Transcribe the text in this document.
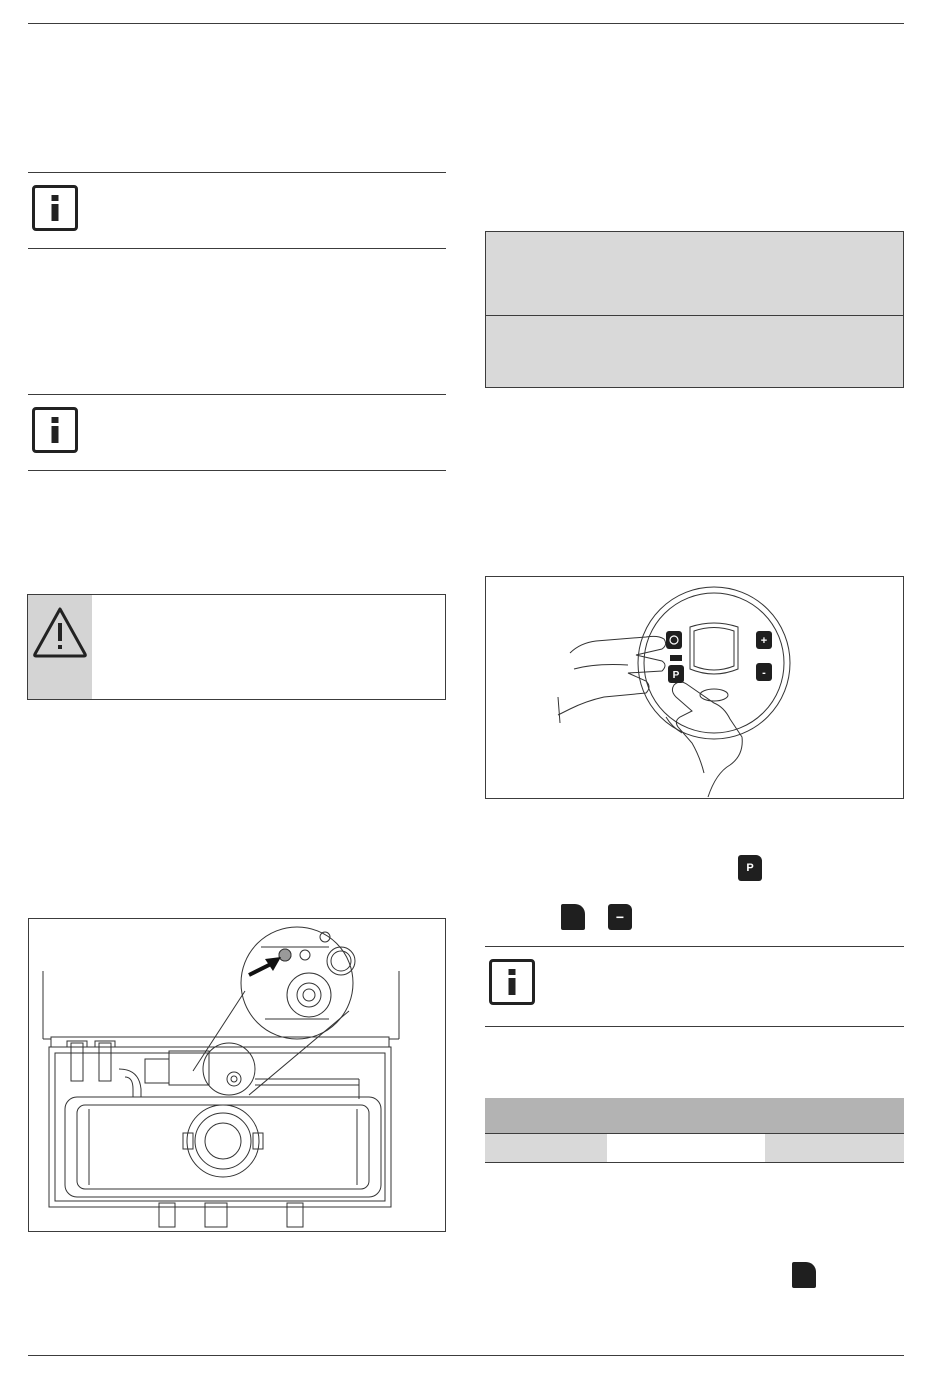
P
+
-
P
−
